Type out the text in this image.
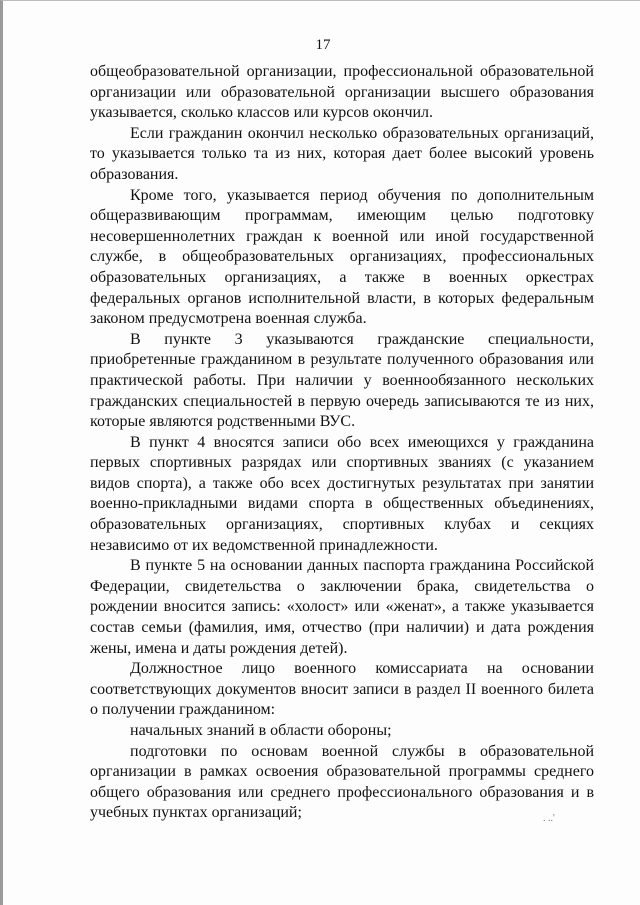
17

общеобразовательной организации, профессиональной образовательной организации или образовательной организации высшего образования указывается, сколько классов или курсов окончил.

Если гражданин окончил несколько образовательных организаций, то указывается только та из них, которая дает более высокий уровень образования.

Кроме того, указывается период обучения по дополнительным общеразвивающим программам, имеющим целью подготовку несовершеннолетних граждан к военной или иной государственной службе, в общеобразовательных организациях, профессиональных образовательных организациях, а также в военных оркестрах федеральных органов исполнительной власти, в которых федеральным законом предусмотрена военная служба.

В пункте 3 указываются гражданские специальности, приобретенные гражданином в результате полученного образования или практической работы. При наличии у военнообязанного нескольких гражданских специальностей в первую очередь записываются те из них, которые являются родственными ВУС.

В пункт 4 вносятся записи обо всех имеющихся у гражданина первых спортивных разрядах или спортивных званиях (с указанием видов спорта), а также обо всех достигнутых результатах при занятии военно-прикладными видами спорта в общественных объединениях, образовательных организациях, спортивных клубах и секциях независимо от их ведомственной принадлежности.

В пункте 5 на основании данных паспорта гражданина Российской Федерации, свидетельства о заключении брака, свидетельства о рождении вносится запись: «холост» или «женат», а также указывается состав семьи (фамилия, имя, отчество (при наличии) и дата рождения жены, имена и даты рождения детей).

Должностное лицо военного комиссариата на основании соответствующих документов вносит записи в раздел II военного билета о получении гражданином:

начальных знаний в области обороны;

подготовки по основам военной службы в образовательной организации в рамках освоения образовательной программы среднего общего образования или среднего профессионального образования и в учебных пунктах организаций;	. ..'
